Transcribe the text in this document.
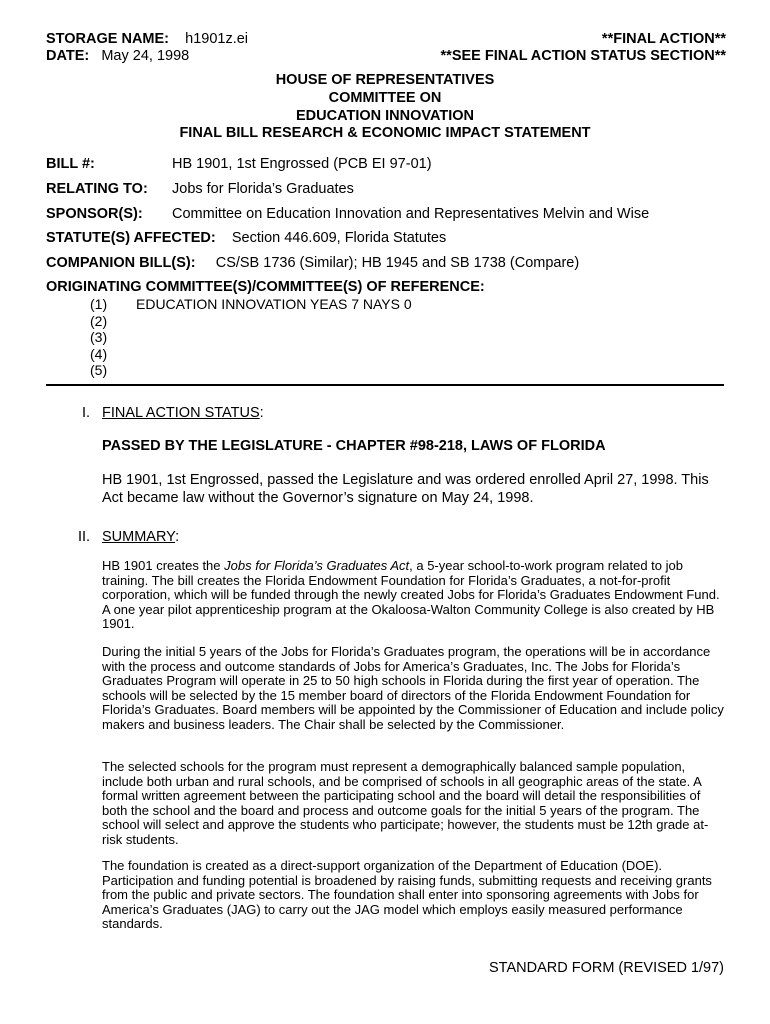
STORAGE NAME: h1901z.ei
DATE: May 24, 1998
**FINAL ACTION**
**SEE FINAL ACTION STATUS SECTION**
HOUSE OF REPRESENTATIVES
COMMITTEE ON
EDUCATION INNOVATION
FINAL BILL RESEARCH & ECONOMIC IMPACT STATEMENT
BILL #:	HB 1901, 1st Engrossed (PCB EI 97-01)
RELATING TO: Jobs for Florida’s Graduates
SPONSOR(S): Committee on Education Innovation and Representatives Melvin and Wise
STATUTE(S) AFFECTED: Section 446.609, Florida Statutes
COMPANION BILL(S): CS/SB 1736 (Similar); HB 1945 and SB 1738 (Compare)
ORIGINATING COMMITTEE(S)/COMMITTEE(S) OF REFERENCE:
(1) EDUCATION INNOVATION YEAS 7 NAYS 0
(2)
(3)
(4)
(5)
I. FINAL ACTION STATUS:
PASSED BY THE LEGISLATURE - CHAPTER #98-218, LAWS OF FLORIDA
HB 1901, 1st Engrossed, passed the Legislature and was ordered enrolled April 27, 1998. This Act became law without the Governor’s signature on May 24, 1998.
II. SUMMARY:
HB 1901 creates the Jobs for Florida’s Graduates Act, a 5-year school-to-work program related to job training. The bill creates the Florida Endowment Foundation for Florida’s Graduates, a not-for-profit corporation, which will be funded through the newly created Jobs for Florida’s Graduates Endowment Fund. A one year pilot apprenticeship program at the Okaloosa-Walton Community College is also created by HB 1901.
During the initial 5 years of the Jobs for Florida’s Graduates program, the operations will be in accordance with the process and outcome standards of Jobs for America’s Graduates, Inc. The Jobs for Florida’s Graduates Program will operate in 25 to 50 high schools in Florida during the first year of operation. The schools will be selected by the 15 member board of directors of the Florida Endowment Foundation for Florida’s Graduates. Board members will be appointed by the Commissioner of Education and include policy makers and business leaders. The Chair shall be selected by the Commissioner.
The selected schools for the program must represent a demographically balanced sample population, include both urban and rural schools, and be comprised of schools in all geographic areas of the state. A formal written agreement between the participating school and the board will detail the responsibilities of both the school and the board and process and outcome goals for the initial 5 years of the program. The school will select and approve the students who participate; however, the students must be 12th grade at-risk students.
The foundation is created as a direct-support organization of the Department of Education (DOE). Participation and funding potential is broadened by raising funds, submitting requests and receiving grants from the public and private sectors. The foundation shall enter into sponsoring agreements with Jobs for America’s Graduates (JAG) to carry out the JAG model which employs easily measured performance standards.
STANDARD FORM (REVISED 1/97)
